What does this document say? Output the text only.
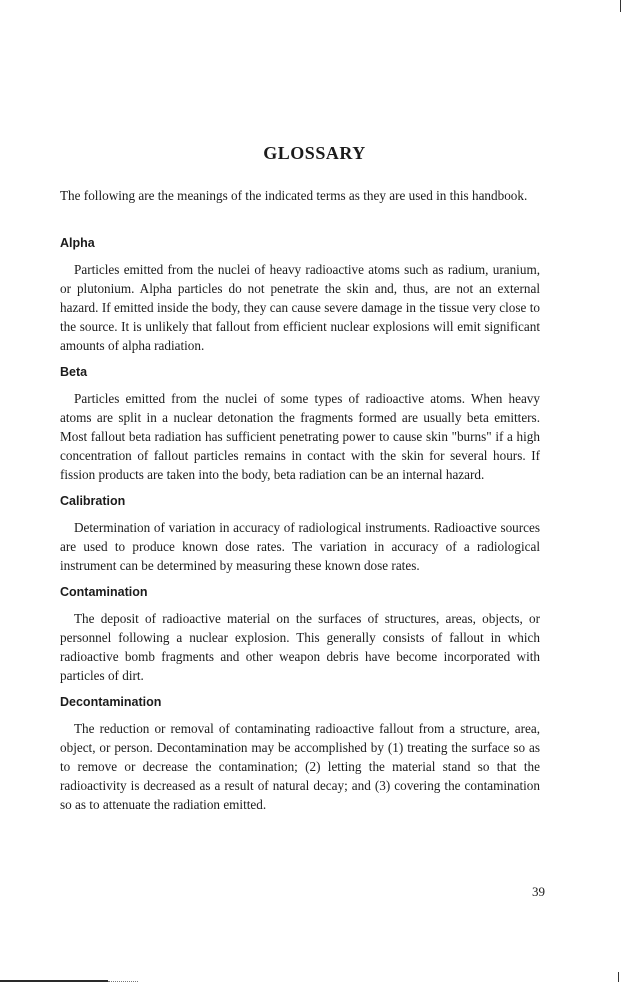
GLOSSARY

The following are the meanings of the indicated terms as they are used in this handbook.

Alpha

Particles emitted from the nuclei of heavy radioactive atoms such as radium, uranium, or plutonium. Alpha particles do not penetrate the skin and, thus, are not an external hazard. If emitted inside the body, they can cause severe damage in the tissue very close to the source. It is unlikely that fallout from efficient nuclear explosions will emit significant amounts of alpha radiation.

Beta

Particles emitted from the nuclei of some types of radioactive atoms. When heavy atoms are split in a nuclear detonation the fragments formed are usually beta emitters. Most fallout beta radiation has sufficient penetrating power to cause skin "burns" if a high concentration of fallout particles remains in contact with the skin for several hours. If fission products are taken into the body, beta radiation can be an internal hazard.

Calibration

Determination of variation in accuracy of radiological instruments. Radioactive sources are used to produce known dose rates. The variation in accuracy of a radiological instrument can be determined by measuring these known dose rates.

Contamination

The deposit of radioactive material on the surfaces of structures, areas, objects, or personnel following a nuclear explosion. This generally consists of fallout in which radioactive bomb fragments and other weapon debris have become incorporated with particles of dirt.

Decontamination

The reduction or removal of contaminating radioactive fallout from a structure, area, object, or person. Decontamination may be accomplished by (1) treating the surface so as to remove or decrease the contamination; (2) letting the material stand so that the radioactivity is decreased as a result of natural decay; and (3) covering the contamination so as to attenuate the radiation emitted.

39
